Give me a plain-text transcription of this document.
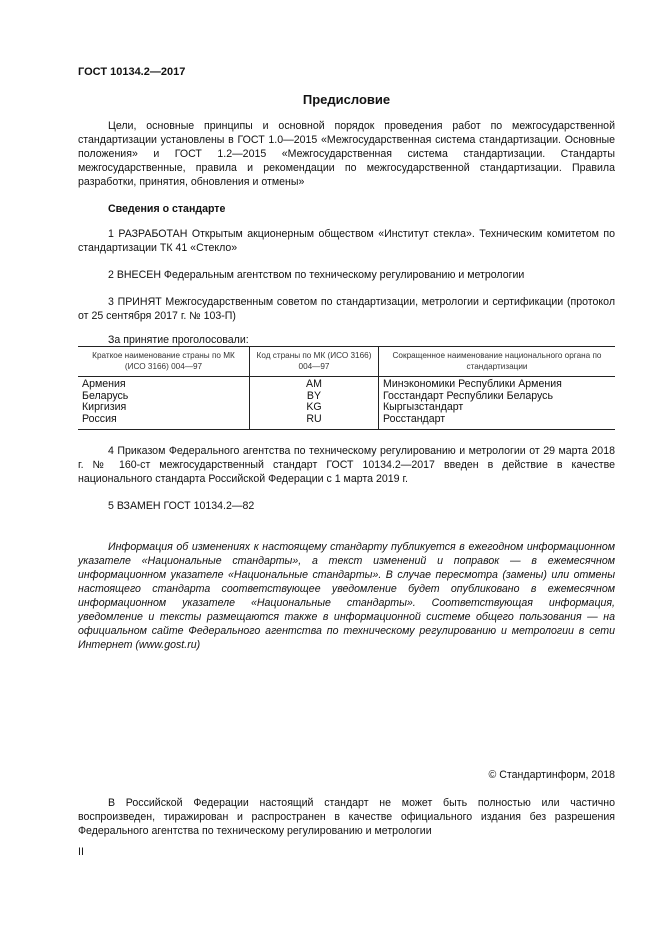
ГОСТ 10134.2—2017
Предисловие
Цели, основные принципы и основной порядок проведения работ по межгосударственной стандартизации установлены в ГОСТ 1.0—2015 «Межгосударственная система стандартизации. Основные положения» и ГОСТ 1.2—2015 «Межгосударственная система стандартизации. Стандарты межгосударственные, правила и рекомендации по межгосударственной стандартизации. Правила разработки, принятия, обновления и отмены»
Сведения о стандарте
1 РАЗРАБОТАН Открытым акционерным обществом «Институт стекла». Техническим комитетом по стандартизации ТК 41 «Стекло»
2 ВНЕСЕН Федеральным агентством по техническому регулированию и метрологии
3 ПРИНЯТ Межгосударственным советом по стандартизации, метрологии и сертификации (протокол от 25 сентября 2017 г. № 103-П)
За принятие проголосовали:
Краткое наименование страны по МК (ИСО 3166) 004—97	Код страны по МК (ИСО 3166) 004—97	Сокращенное наименование национального органа по стандартизации
Армения	AM	Минэкономики Республики Армения
Беларусь	BY	Госстандарт Республики Беларусь
Киргизия	KG	Кыргызстандарт
Россия	RU	Росстандарт
4 Приказом Федерального агентства по техническому регулированию и метрологии от 29 марта 2018 г. № 160-ст межгосударственный стандарт ГОСТ 10134.2—2017 введен в действие в качестве национального стандарта Российской Федерации с 1 марта 2019 г.
5 ВЗАМЕН ГОСТ 10134.2—82
Информация об изменениях к настоящему стандарту публикуется в ежегодном информационном указателе «Национальные стандарты», а текст изменений и поправок — в ежемесячном информационном указателе «Национальные стандарты». В случае пересмотра (замены) или отмены настоящего стандарта соответствующее уведомление будет опубликовано в ежемесячном информационном указателе «Национальные стандарты». Соответствующая информация, уведомление и тексты размещаются также в информационной системе общего пользования — на официальном сайте Федерального агентства по техническому регулированию и метрологии в сети Интернет (www.gost.ru)
© Стандартинформ, 2018
В Российской Федерации настоящий стандарт не может быть полностью или частично воспроизведен, тиражирован и распространен в качестве официального издания без разрешения Федерального агентства по техническому регулированию и метрологии
II
